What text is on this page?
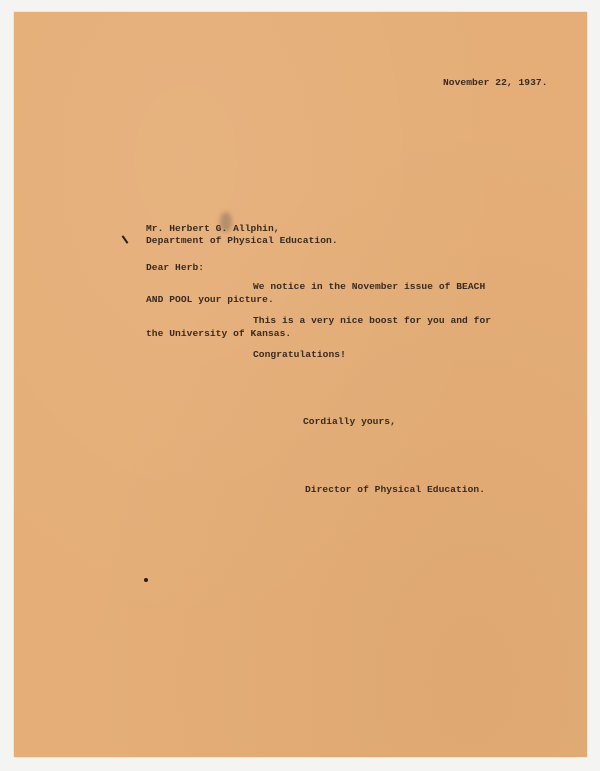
November 22, 1937.
Mr. Herbert G. Allphin,
Department of Physical Education.
Dear Herb:
We notice in the November issue of BEACH
AND POOL your picture.
This is a very nice boost for you and for
the University of Kansas.
Congratulations!
Cordially yours,
Director of Physical Education.
